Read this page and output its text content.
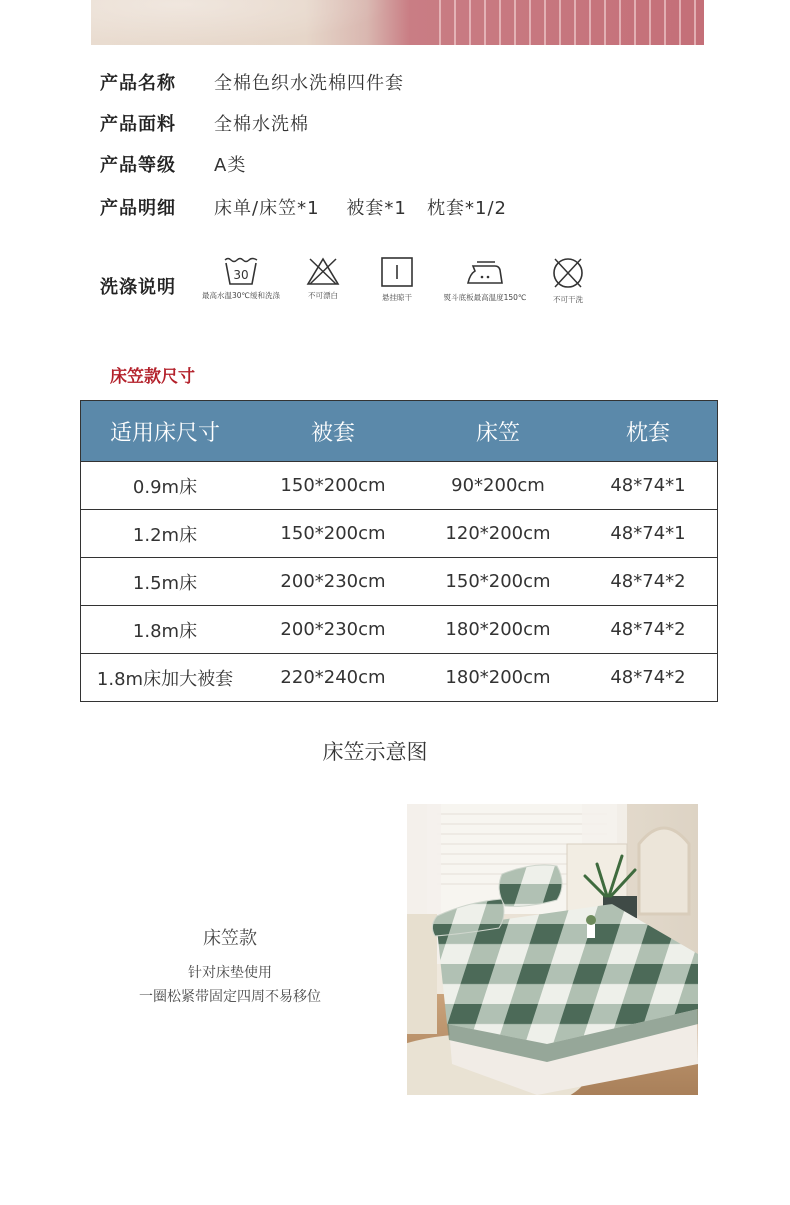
产品名称 全棉色织水洗棉四件套
产品面料 全棉水洗棉
产品等级 A类
产品明细 床单/床笠*1    被套*1   枕套*1/2
洗涤说明
30
最高水温30℃缓和洗涤	不可漂白	悬挂晾干	熨斗底板最高温度150℃	不可干洗
床笠款尺寸
适用床尺寸	被套	床笠	枕套
0.9m床	150*200cm	90*200cm	48*74*1
1.2m床	150*200cm	120*200cm	48*74*1
1.5m床	200*230cm	150*200cm	48*74*2
1.8m床	200*230cm	180*200cm	48*74*2
1.8m床加大被套	220*240cm	180*200cm	48*74*2
床笠示意图
床笠款
针对床垫使用
一圈松紧带固定四周不易移位
